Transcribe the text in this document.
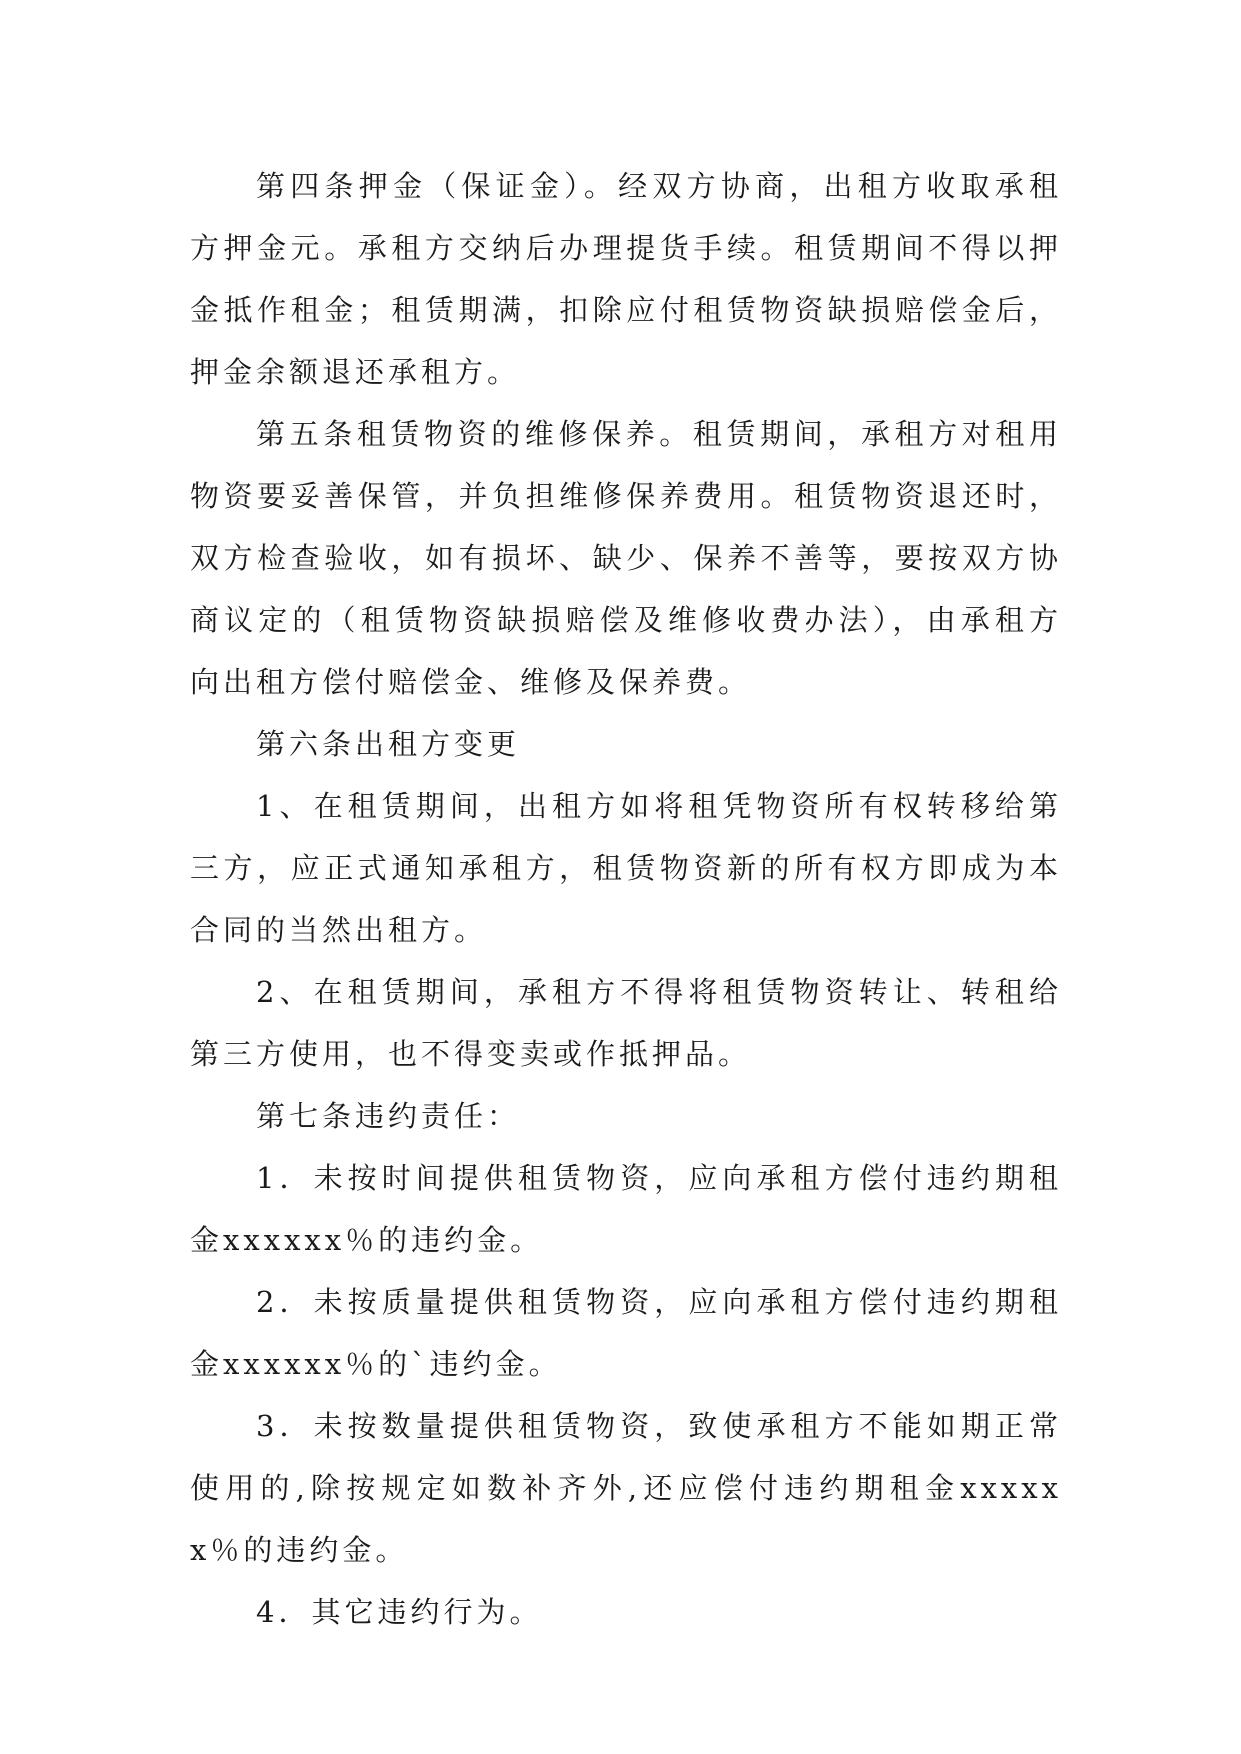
第四条押金（保证金）。经双方协商，出租方收取承租方押金元。承租方交纳后办理提货手续。租赁期间不得以押金抵作租金；租赁期满，扣除应付租赁物资缺损赔偿金后，押金余额退还承租方。

第五条租赁物资的维修保养。租赁期间，承租方对租用物资要妥善保管，并负担维修保养费用。租赁物资退还时，双方检查验收，如有损坏、缺少、保养不善等，要按双方协商议定的（租赁物资缺损赔偿及维修收费办法），由承租方向出租方偿付赔偿金、维修及保养费。

第六条出租方变更

1、在租赁期间，出租方如将租凭物资所有权转移给第三方，应正式通知承租方，租赁物资新的所有权方即成为本合同的当然出租方。

2、在租赁期间，承租方不得将租赁物资转让、转租给第三方使用，也不得变卖或作抵押品。

第七条违约责任：

1．未按时间提供租赁物资，应向承租方偿付违约期租金xxxxxx％的违约金。

2．未按质量提供租赁物资，应向承租方偿付违约期租金xxxxxx％的`违约金。

3．未按数量提供租赁物资，致使承租方不能如期正常使用的,除按规定如数补齐外,还应偿付违约期租金xxxxxx％的违约金。

4．其它违约行为。
